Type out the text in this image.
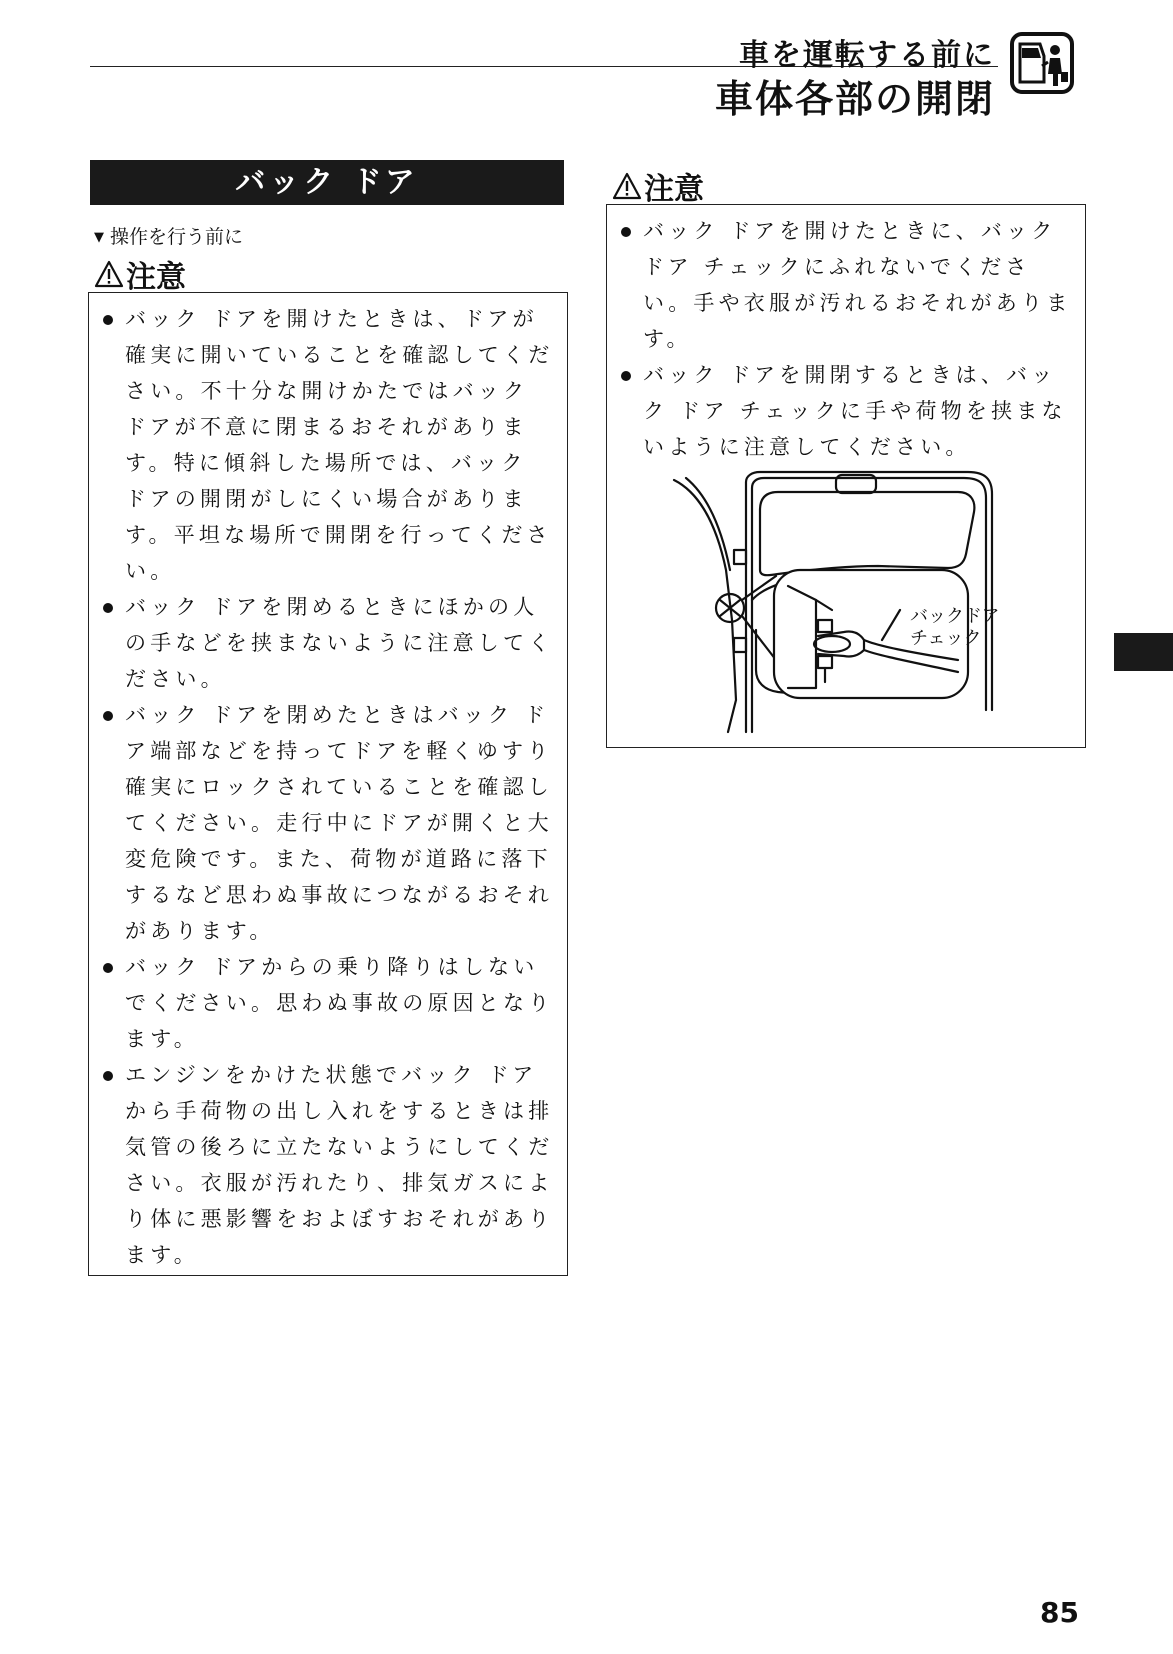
車を運転する前に
車体各部の開閉
バック ドア
▼ 操作を行う前に
注意
バック ドアを開けたときは、ドアが確実に開いていることを確認してください。不十分な開けかたではバック ドアが不意に閉まるおそれがあります。特に傾斜した場所では、バック ドアの開閉がしにくい場合があります。平坦な場所で開閉を行ってください。
バック ドアを閉めるときにほかの人の手などを挟まないように注意してください。
バック ドアを閉めたときはバック ドア端部などを持ってドアを軽くゆすり確実にロックされていることを確認してください。走行中にドアが開くと大変危険です。また、荷物が道路に落下するなど思わぬ事故につながるおそれがあります。
バック ドアからの乗り降りはしないでください。思わぬ事故の原因となります。
エンジンをかけた状態でバック ドアから手荷物の出し入れをするときは排気管の後ろに立たないようにしてください。衣服が汚れたり、排気ガスにより体に悪影響をおよぼすおそれがあります。
注意
バック ドアを開けたときに、バック ドア チェックにふれないでください。手や衣服が汚れるおそれがあります。
バック ドアを開閉するときは、バック ドア チェックに手や荷物を挟まないように注意してください。
バックドア
チェック
85
